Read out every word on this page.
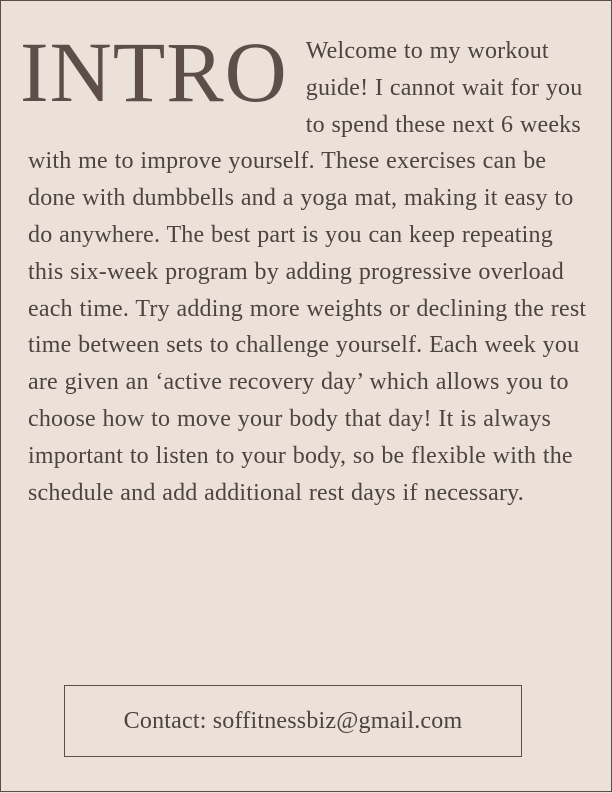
INTRO Welcome to my workout guide! I cannot wait for you to spend these next 6 weeks with me to improve yourself. These exercises can be done with dumbbells and a yoga mat, making it easy to do anywhere. The best part is you can keep repeating this six-week program by adding progressive overload each time. Try adding more weights or declining the rest time between sets to challenge yourself. Each week you are given an ‘active recovery day’ which allows you to choose how to move your body that day! It is always important to listen to your body, so be flexible with the schedule and add additional rest days if necessary.

Contact: soffitnessbiz@gmail.com
